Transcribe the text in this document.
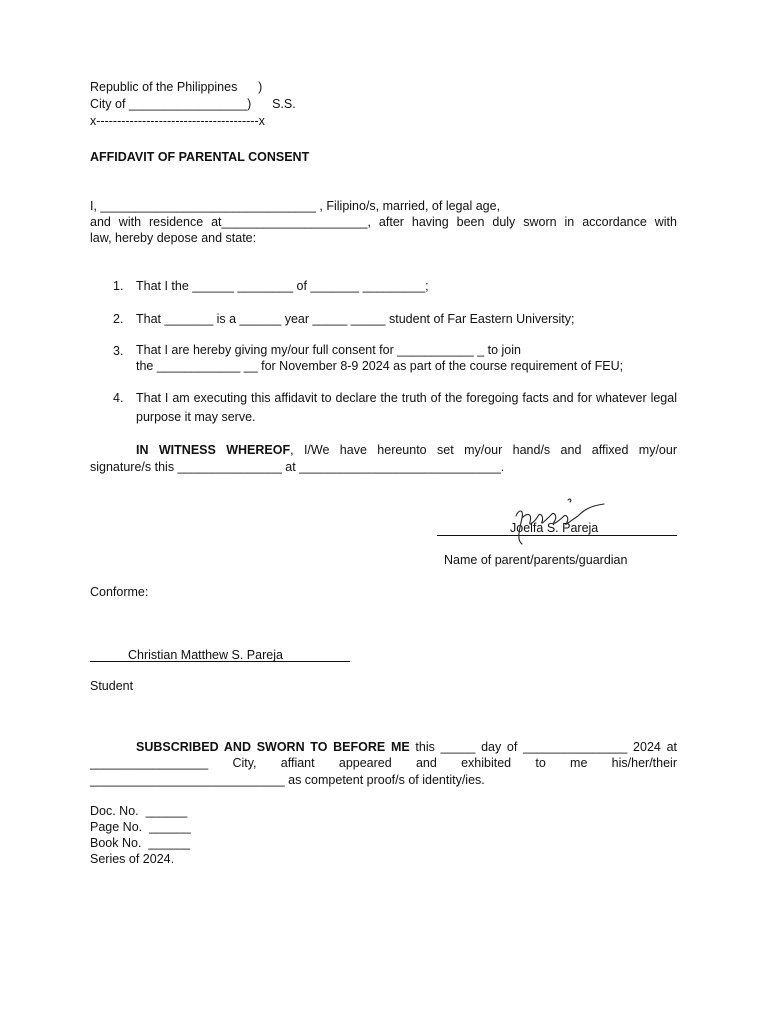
Republic of the Philippines      )
City of _________________)      S.S.
x---------------------------------------x
AFFIDAVIT OF PARENTAL CONSENT
I, _______________________________ , Filipino/s, married, of legal age,
and with residence at_____________________, after having been duly sworn in accordance with
law, hereby depose and state:
1. That I the ______ ________ of _______ _________;
2. That _______ is a ______ year _____ _____ student of Far Eastern University;
3. That I are hereby giving my/our full consent for ___________ _ to join
the ____________ __ for November 8-9 2024 as part of the course requirement of FEU;
4. That I am executing this affidavit to declare the truth of the foregoing facts and for whatever legal purpose it may serve.
IN WITNESS WHEREOF, I/We have hereunto set my/our hand/s and affixed my/our
signature/s this _______________ at _____________________________.
Joelfa S. Pareja
Name of parent/parents/guardian
Conforme:
Christian Matthew S. Pareja
Student
SUBSCRIBED AND SWORN TO BEFORE ME this _____ day of _______________ 2024 at
_________________ City, affiant appeared and exhibited to me his/her/their
____________________________ as competent proof/s of identity/ies.
Doc. No.  ______
Page No.  ______
Book No.  ______
Series of 2024.
